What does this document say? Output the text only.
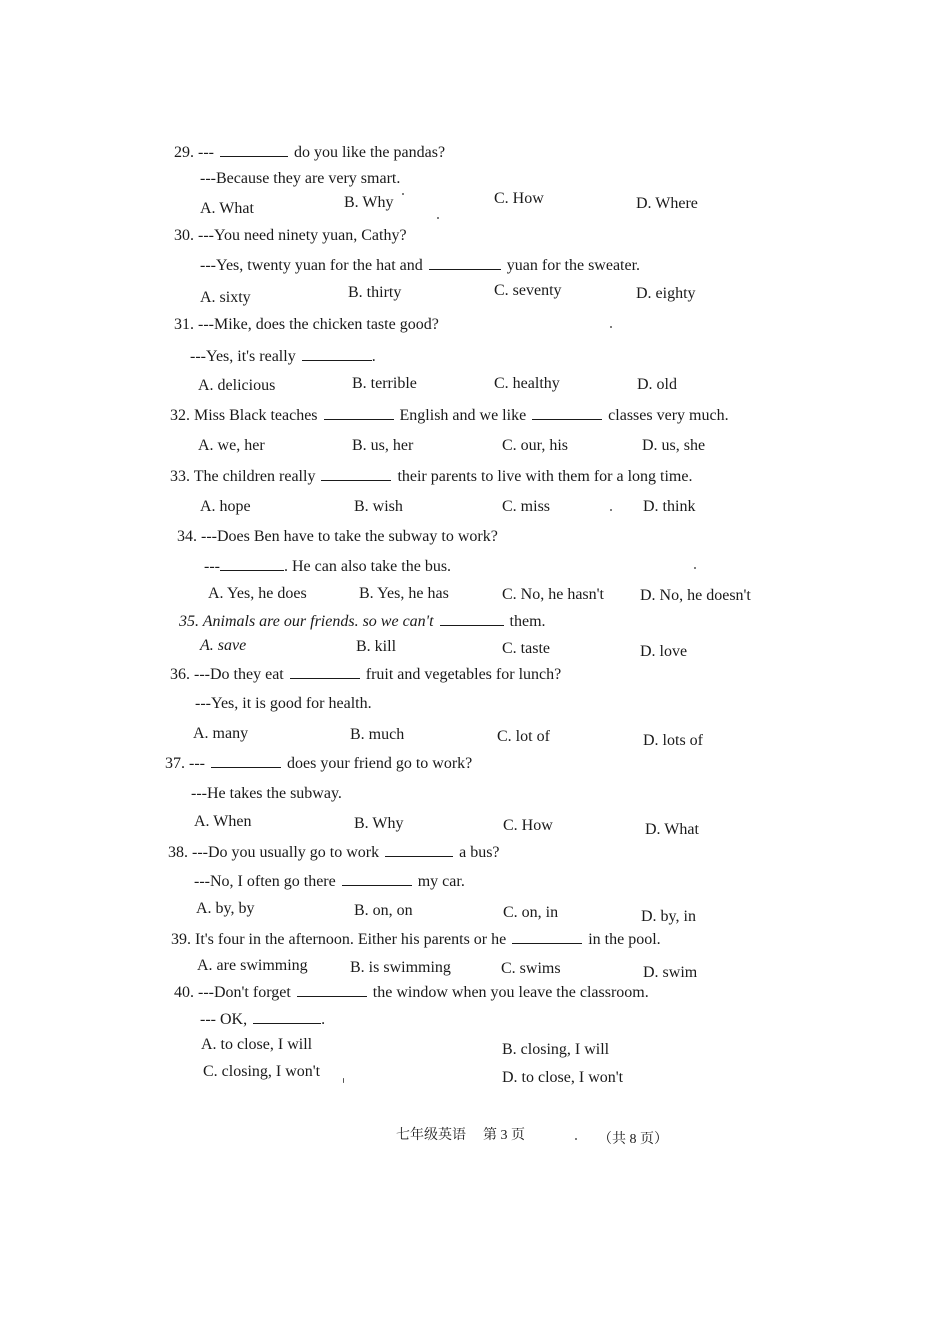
29. ---	do you like the pandas?
---Because they are very smart.
A. What	B. Why	C. How	D. Where
30. ---You need ninety yuan, Cathy?
---Yes, twenty yuan for the hat and	yuan for the sweater.
A. sixty	B. thirty	C. seventy	D. eighty
31. ---Mike, does the chicken taste good?
---Yes, it's really	.
A. delicious	B. terrible	C. healthy	D. old
32. Miss Black teaches	English and we like	classes very much.
A. we, her	B. us, her	C. our, his	D. us, she
33. The children really	their parents to live with them for a long time.
A. hope	B. wish	C. miss	D. think
34. ---Does Ben have to take the subway to work?
---	. He can also take the bus.
A. Yes, he does	B. Yes, he has	C. No, he hasn't D. No, he doesn't
35. Animals are our friends. so we can't	them.
A. save	B. kill	C. taste	D. love
36. ---Do they eat	fruit and vegetables for lunch?
---Yes, it is good for health.
A. many	B. much	C. lot of	D. lots of
37. ---	does your friend go to work?
---He takes the subway.
A. When	B. Why	C. How	D. What
38. ---Do you usually go to work	a bus?
---No, I often go there	my car.
A. by, by	B. on, on	C. on, in	D. by, in
39. It's four in the afternoon. Either his parents or he	in the pool.
A. are swimming	B. is swimming	C. swims	D. swim
40. ---Don't forget	the window when you leave the classroom.
--- OK,	.
A. to close, I will	B. closing, I will
C. closing, I won't	D. to close, I won't
七年级英语 第 3 页	（共 8 页）
